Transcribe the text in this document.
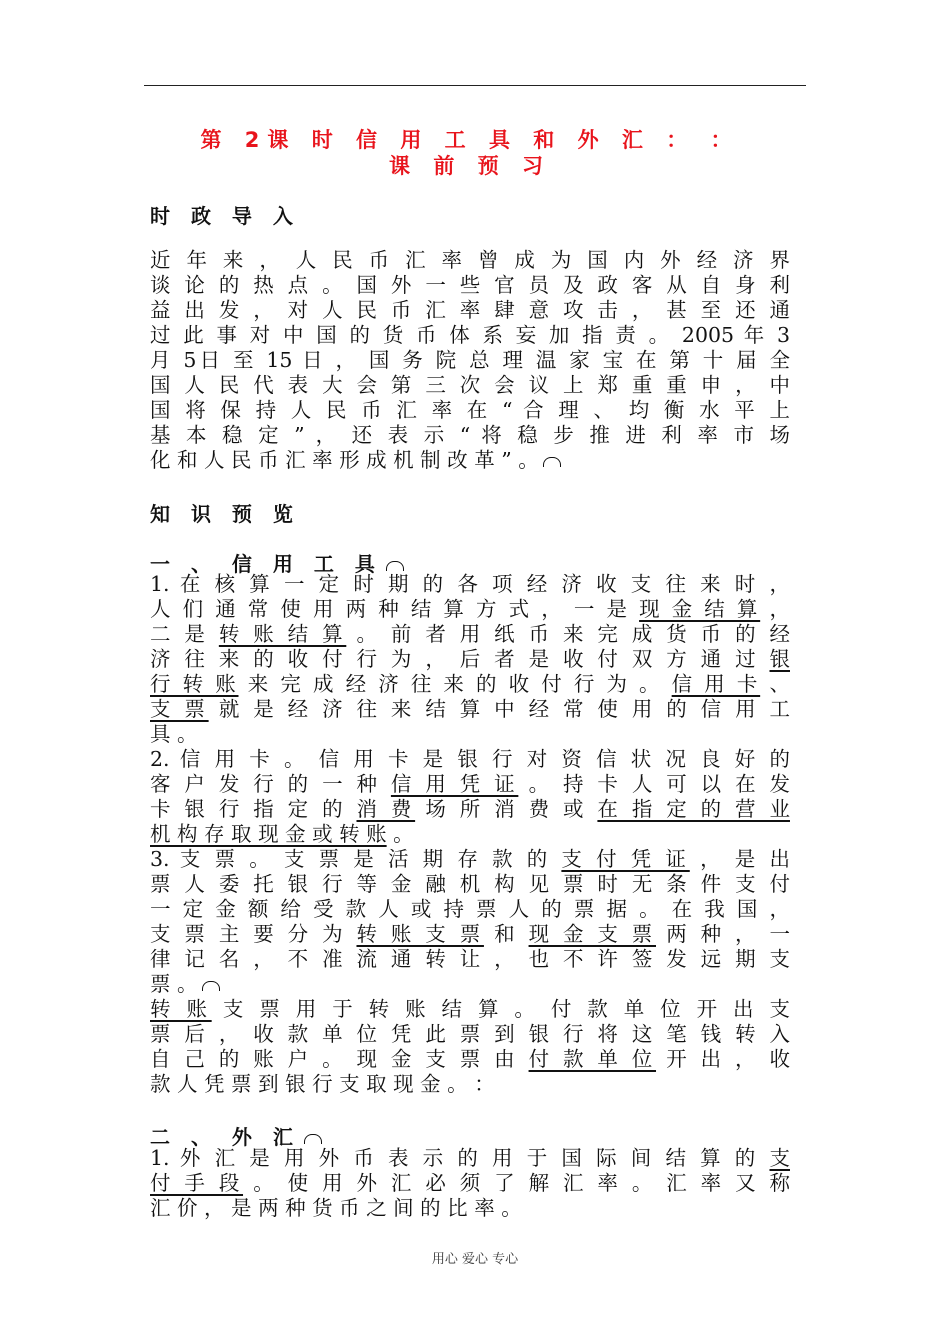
第 2课 时 信 用 工 具 和 外 汇 ： ：
课 前 预 习
时 政 导 入
近 年 来 ， 人 民 币 汇 率 曾 成 为 国 内 外 经 济 界
谈 论 的 热 点 。 国 外 一 些 官 员 及 政 客 从 自 身 利
益 出 发 ， 对 人 民 币 汇 率 肆 意 攻 击 ， 甚 至 还 通
过 此 事 对 中 国 的 货 币 体 系 妄 加 指 责 。 2005 年 3
月 5日 至 15 日 ， 国 务 院 总 理 温 家 宝 在 第 十 届 全
国 人 民 代 表 大 会 第 三 次 会 议 上 郑 重 重 申 ， 中
国 将 保 持 人 民 币 汇 率 在 “ 合 理 、 均 衡 水 平 上
基 本 稳 定 ” ， 还 表 示 “ 将 稳 步 推 进 利 率 市 场
化 和 人 民 币 汇 率 形 成 机 制 改 革 ” 。
知 识 预 览
一 、 信 用 工 具
1. 在 核 算 一 定 时 期 的 各 项 经 济 收 支 往 来 时 ，
人 们 通 常 使 用 两 种 结 算 方 式 ， 一 是 现 金 结 算 ，
二 是 转 账 结 算 。 前 者 用 纸 币 来 完 成 货 币 的 经
济 往 来 的 收 付 行 为 ， 后 者 是 收 付 双 方 通 过 银
行 转 账 来 完 成 经 济 往 来 的 收 付 行 为 。 信 用 卡 、
支 票 就 是 经 济 往 来 结 算 中 经 常 使 用 的 信 用 工
具 。
2. 信 用 卡 。 信 用 卡 是 银 行 对 资 信 状 况 良 好 的
客 户 发 行 的 一 种 信 用 凭 证 。 持 卡 人 可 以 在 发
卡 银 行 指 定 的 消 费 场 所 消 费 或 在 指 定 的 营 业
机 构 存 取 现 金 或 转 账 。
3. 支 票 。 支 票 是 活 期 存 款 的 支 付 凭 证 ， 是 出
票 人 委 托 银 行 等 金 融 机 构 见 票 时 无 条 件 支 付
一 定 金 额 给 受 款 人 或 持 票 人 的 票 据 。 在 我 国 ，
支 票 主 要 分 为 转 账 支 票 和 现 金 支 票 两 种 ， 一
律 记 名 ， 不 准 流 通 转 让 ， 也 不 许 签 发 远 期 支
票 。
转 账 支 票 用 于 转 账 结 算 。 付 款 单 位 开 出 支
票 后 ， 收 款 单 位 凭 此 票 到 银 行 将 这 笔 钱 转 入
自 己 的 账 户 。 现 金 支 票 由 付 款 单 位 开 出 ， 收
款 人 凭 票 到 银 行 支 取 现 金 。 ：
二 、 外 汇
1. 外 汇 是 用 外 币 表 示 的 用 于 国 际 间 结 算 的 支
付 手 段 。 使 用 外 汇 必 须 了 解 汇 率 。 汇 率 又 称
汇 价 ， 是 两 种 货 币 之 间 的 比 率 。
用心 爱心 专心
